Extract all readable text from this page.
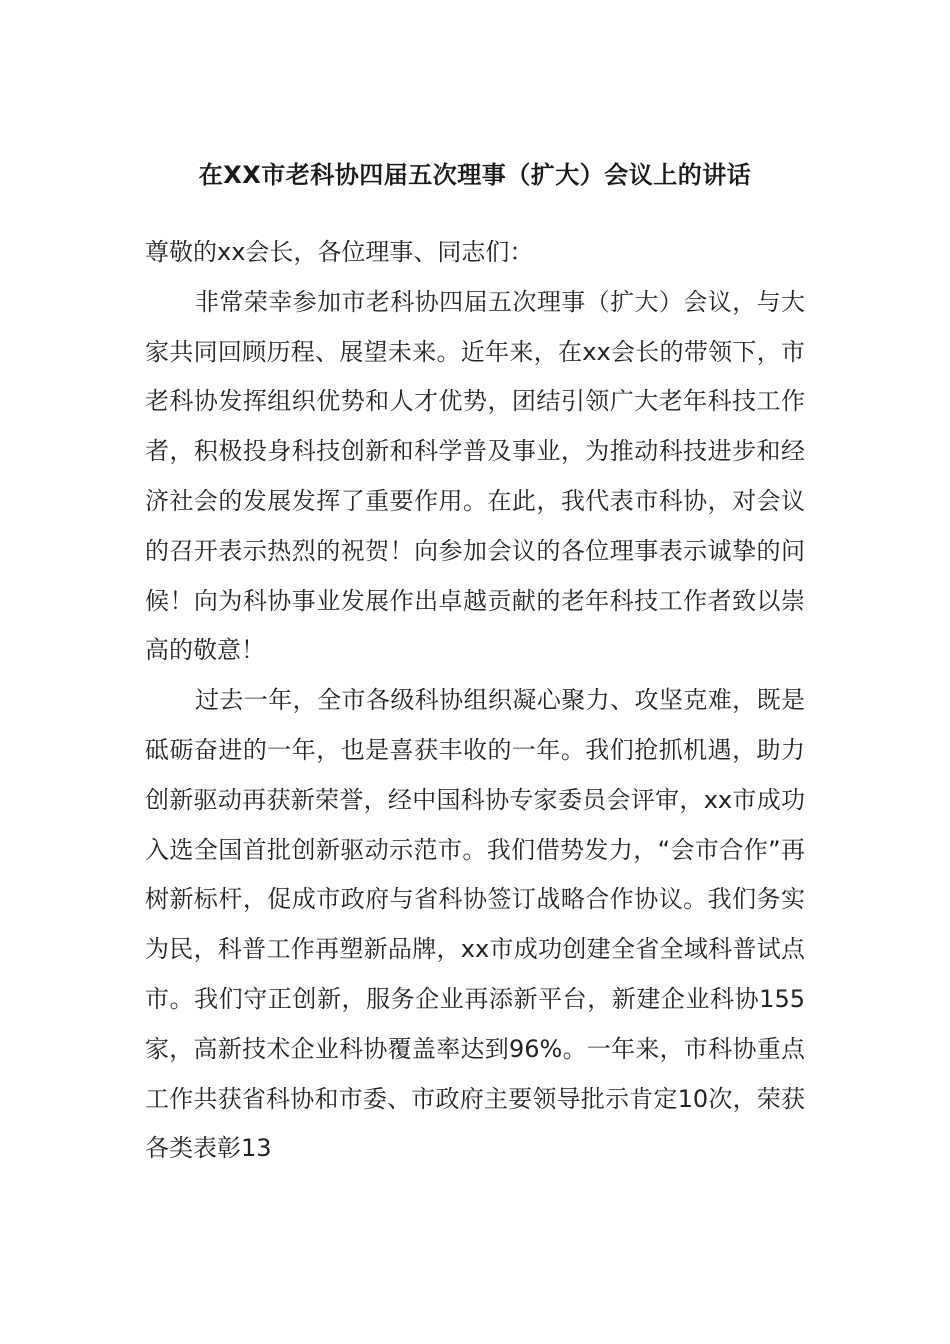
在XX市老科协四届五次理事（扩大）会议上的讲话

尊敬的xx会长，各位理事、同志们：

非常荣幸参加市老科协四届五次理事（扩大）会议，与大家共同回顾历程、展望未来。近年来，在xx会长的带领下，市老科协发挥组织优势和人才优势，团结引领广大老年科技工作者，积极投身科技创新和科学普及事业，为推动科技进步和经济社会的发展发挥了重要作用。在此，我代表市科协，对会议的召开表示热烈的祝贺！向参加会议的各位理事表示诚挚的问候！向为科协事业发展作出卓越贡献的老年科技工作者致以崇高的敬意！

过去一年，全市各级科协组织凝心聚力、攻坚克难，既是砥砺奋进的一年，也是喜获丰收的一年。我们抢抓机遇，助力创新驱动再获新荣誉，经中国科协专家委员会评审，xx市成功入选全国首批创新驱动示范市。我们借势发力，“会市合作”再树新标杆，促成市政府与省科协签订战略合作协议。我们务实为民，科普工作再塑新品牌，xx市成功创建全省全域科普试点市。我们守正创新，服务企业再添新平台，新建企业科协155家，高新技术企业科协覆盖率达到96%。一年来，市科协重点工作共获省科协和市委、市政府主要领导批示肯定10次，荣获各类表彰13
